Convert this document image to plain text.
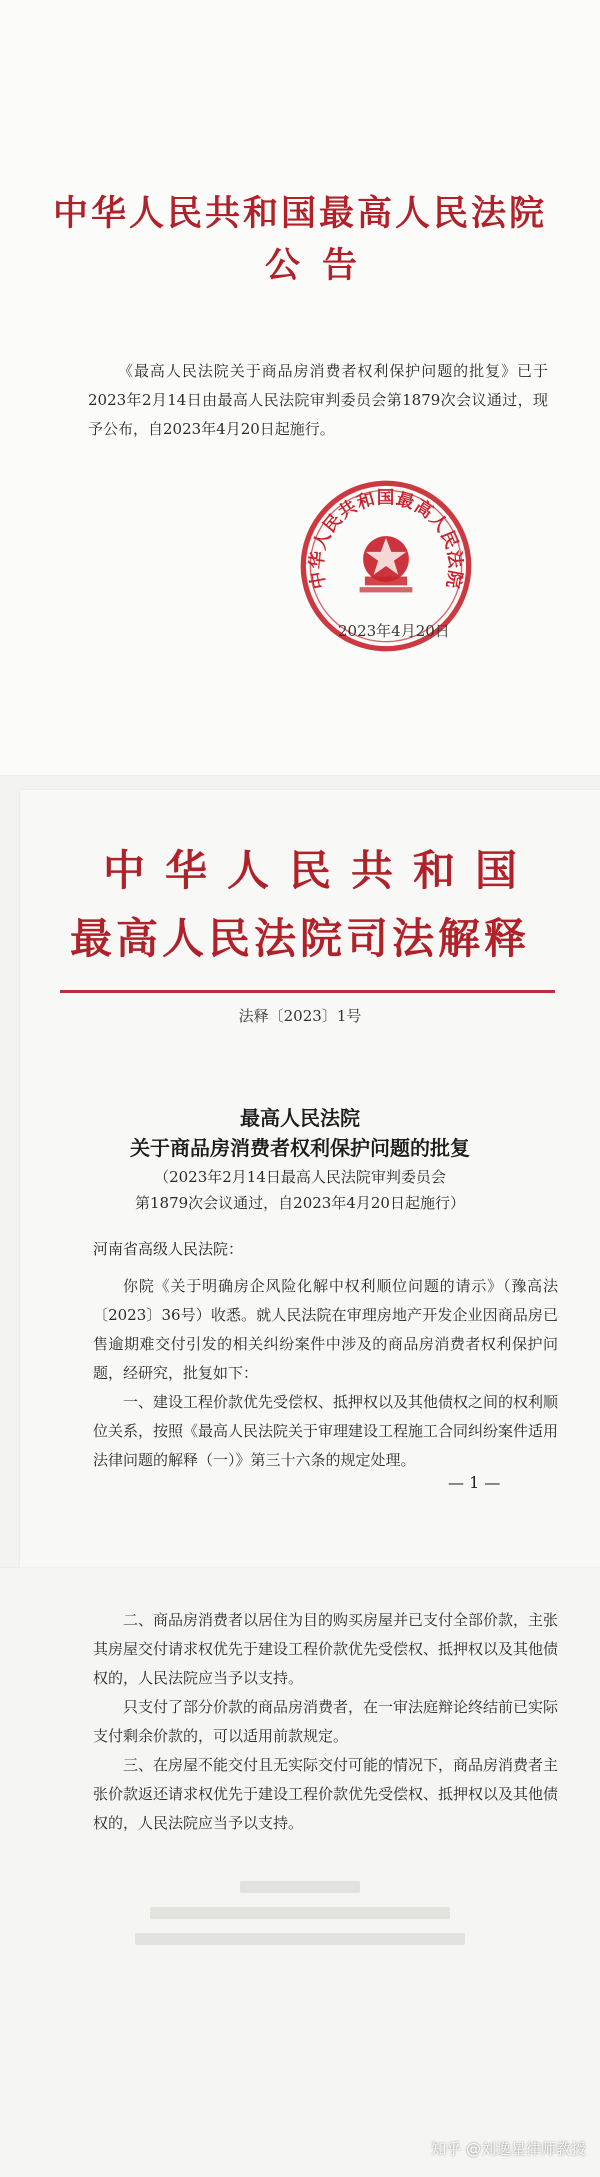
中华人民共和国最高人民法院
公告
《最高人民法院关于商品房消费者权利保护问题的批复》已于2023年2月14日由最高人民法院审判委员会第1879次会议通过，现予公布，自2023年4月20日起施行。
中华人民共和国最高人民法院
2023年4月20日
中华人民共和国
最高人民法院司法解释
法释〔2023〕1号
最高人民法院
关于商品房消费者权利保护问题的批复
（2023年2月14日最高人民法院审判委员会
第1879次会议通过，自2023年4月20日起施行）
河南省高级人民法院：
你院《关于明确房企风险化解中权利顺位问题的请示》（豫高法〔2023〕36号）收悉。就人民法院在审理房地产开发企业因商品房已售逾期难交付引发的相关纠纷案件中涉及的商品房消费者权利保护问题，经研究，批复如下：
一、建设工程价款优先受偿权、抵押权以及其他债权之间的权利顺位关系，按照《最高人民法院关于审理建设工程施工合同纠纷案件适用法律问题的解释（一）》第三十六条的规定处理。
— 1 —
二、商品房消费者以居住为目的购买房屋并已支付全部价款，主张其房屋交付请求权优先于建设工程价款优先受偿权、抵押权以及其他债权的，人民法院应当予以支持。
只支付了部分价款的商品房消费者，在一审法庭辩论终结前已实际支付剩余价款的，可以适用前款规定。
三、在房屋不能交付且无实际交付可能的情况下，商品房消费者主张价款返还请求权优先于建设工程价款优先受偿权、抵押权以及其他债权的，人民法院应当予以支持。
知乎 @刘逸星律师教授
